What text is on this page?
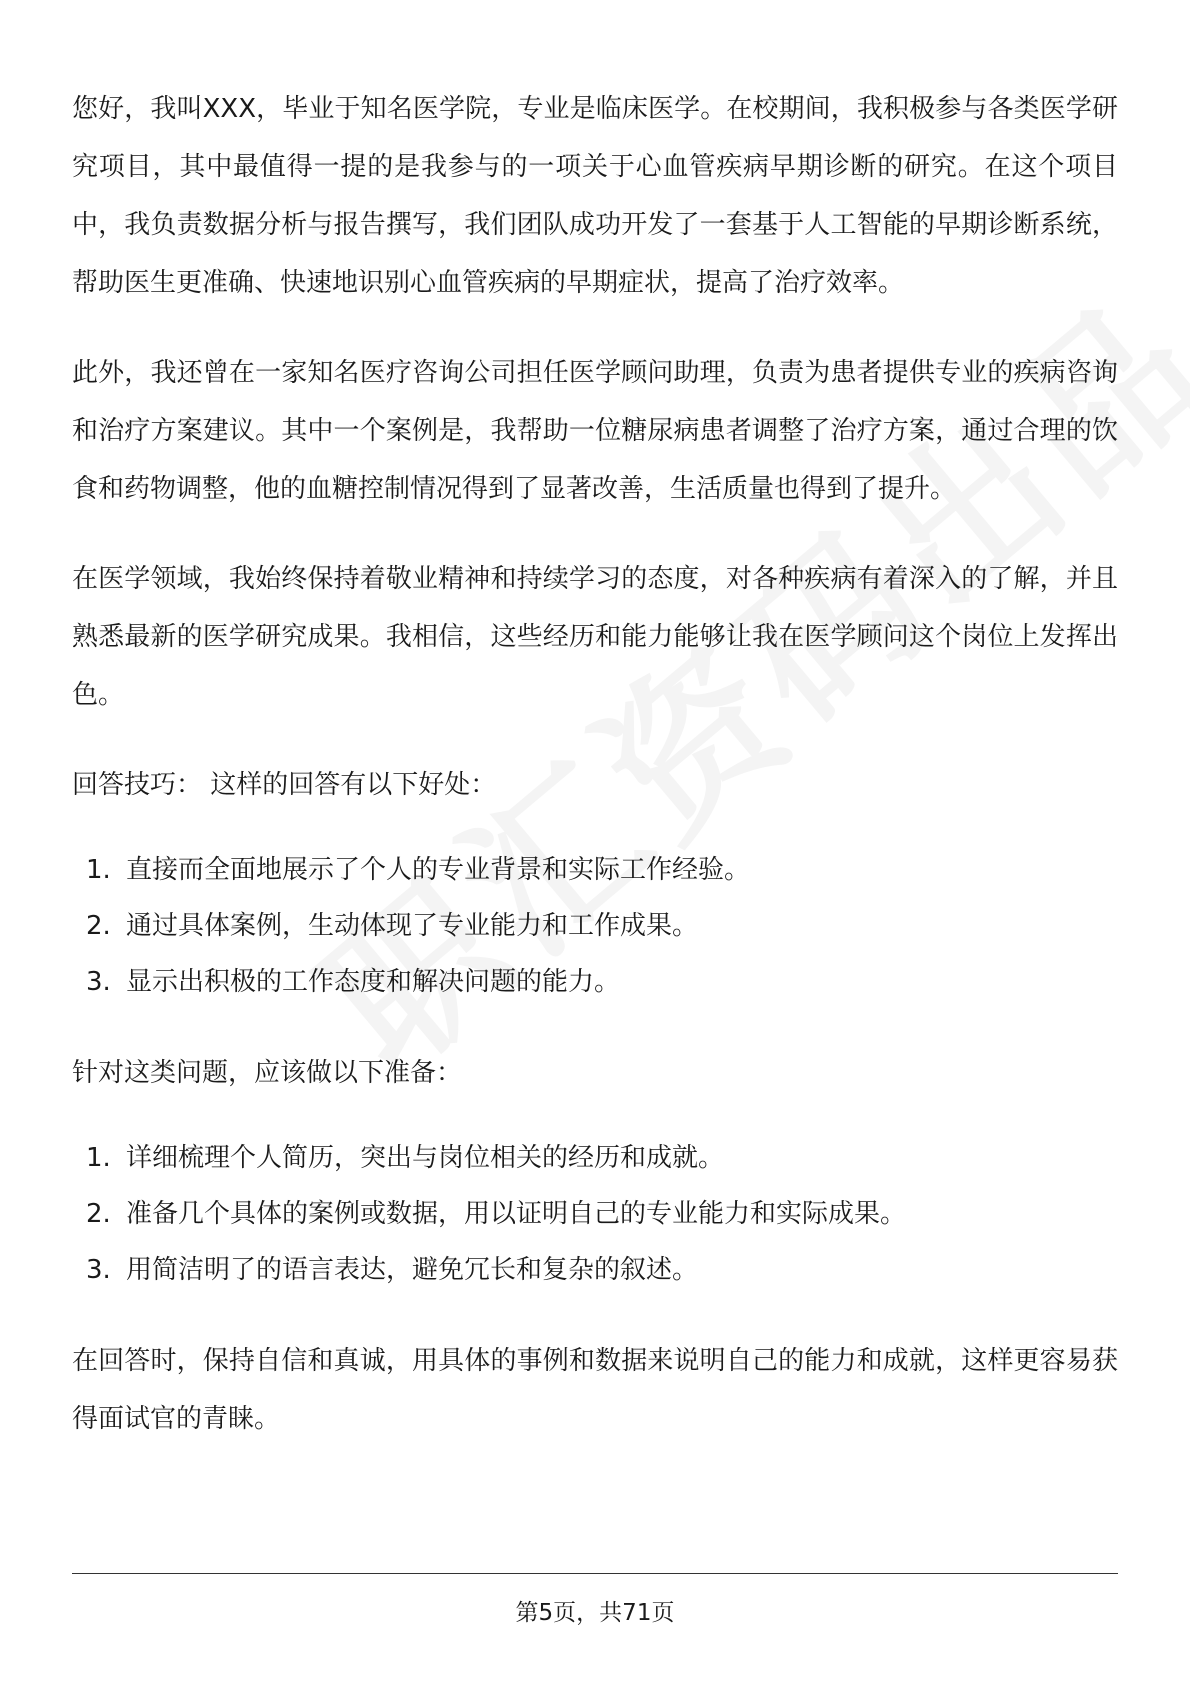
您好，我叫XXX，毕业于知名医学院，专业是临床医学。在校期间，我积极参与各类医学研究项目，其中最值得一提的是我参与的一项关于心血管疾病早期诊断的研究。在这个项目中，我负责数据分析与报告撰写，我们团队成功开发了一套基于人工智能的早期诊断系统，帮助医生更准确、快速地识别心血管疾病的早期症状，提高了治疗效率。

此外，我还曾在一家知名医疗咨询公司担任医学顾问助理，负责为患者提供专业的疾病咨询和治疗方案建议。其中一个案例是，我帮助一位糖尿病患者调整了治疗方案，通过合理的饮食和药物调整，他的血糖控制情况得到了显著改善，生活质量也得到了提升。

在医学领域，我始终保持着敬业精神和持续学习的态度，对各种疾病有着深入的了解，并且熟悉最新的医学研究成果。我相信，这些经历和能力能够让我在医学顾问这个岗位上发挥出色。

回答技巧： 这样的回答有以下好处：

1. 直接而全面地展示了个人的专业背景和实际工作经验。
2. 通过具体案例，生动体现了专业能力和工作成果。
3. 显示出积极的工作态度和解决问题的能力。

针对这类问题，应该做以下准备：

1. 详细梳理个人简历，突出与岗位相关的经历和成就。
2. 准备几个具体的案例或数据，用以证明自己的专业能力和实际成果。
3. 用简洁明了的语言表达，避免冗长和复杂的叙述。

在回答时，保持自信和真诚，用具体的事例和数据来说明自己的能力和成就，这样更容易获得面试官的青睐。

第5页，共71页
